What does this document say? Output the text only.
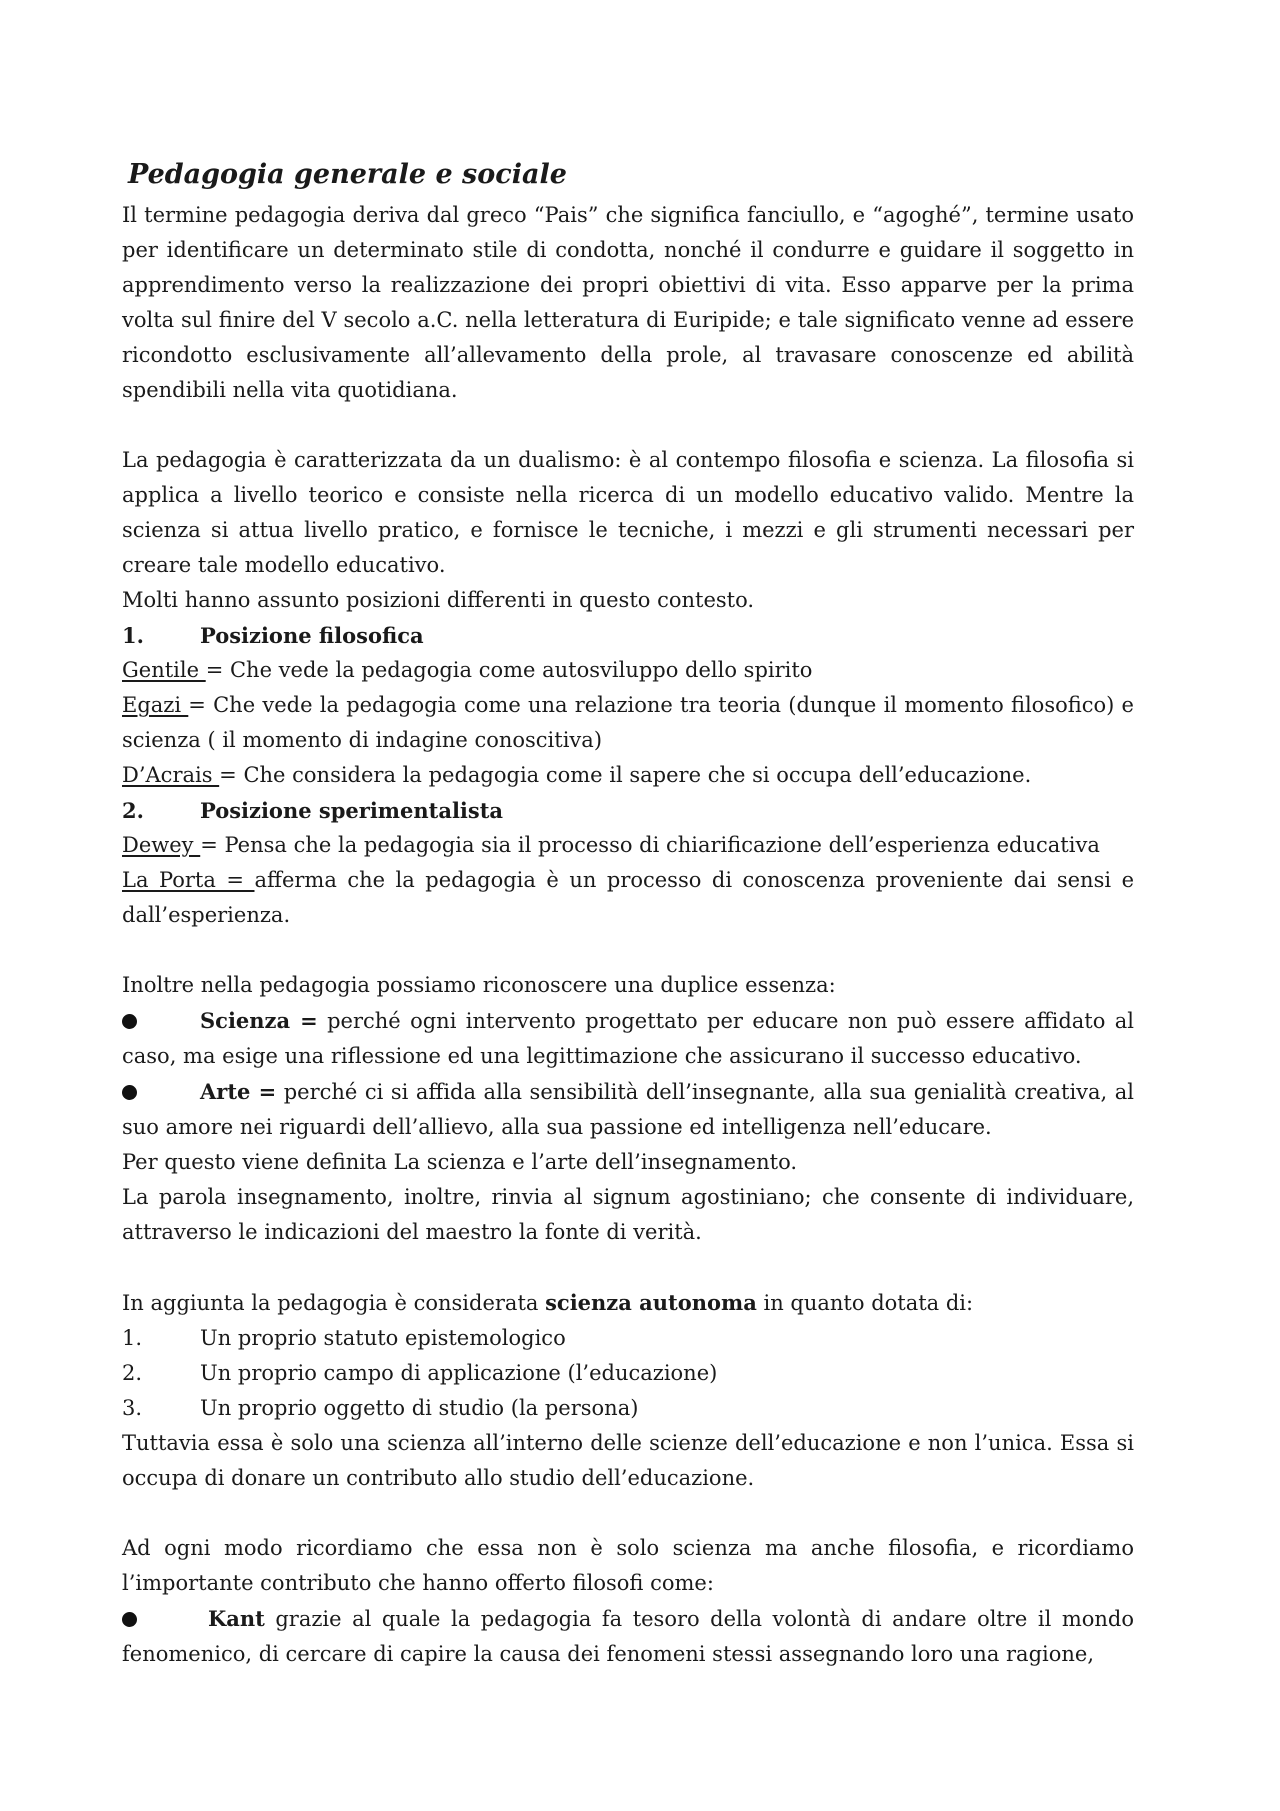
Pedagogia generale e sociale

Il termine pedagogia deriva dal greco “Pais” che significa fanciullo, e “agoghé”, termine usato per identificare un determinato stile di condotta, nonché il condurre e guidare il soggetto in apprendimento verso la realizzazione dei propri obiettivi di vita. Esso apparve per la prima volta sul finire del V secolo a.C. nella letteratura di Euripide; e tale significato venne ad essere ricondotto esclusivamente all’allevamento della prole, al travasare conoscenze ed abilità spendibili nella vita quotidiana.

La pedagogia è caratterizzata da un dualismo: è al contempo filosofia e scienza. La filosofia si applica a livello teorico e consiste nella ricerca di un modello educativo valido. Mentre la scienza si attua livello pratico, e fornisce le tecniche, i mezzi e gli strumenti necessari per creare tale modello educativo.

Molti hanno assunto posizioni differenti in questo contesto.

1.	Posizione filosofica

Gentile = Che vede la pedagogia come autosviluppo dello spirito

Egazi = Che vede la pedagogia come una relazione tra teoria (dunque il momento filosofico) e scienza ( il momento di indagine conoscitiva)

D’Acrais = Che considera la pedagogia come il sapere che si occupa dell’educazione.

2.	Posizione sperimentalista

Dewey = Pensa che la pedagogia sia il processo di chiarificazione dell’esperienza educativa

La Porta = afferma che la pedagogia è un processo di conoscenza proveniente dai sensi e dall’esperienza.

Inoltre nella pedagogia possiamo riconoscere una duplice essenza:

Scienza = perché ogni intervento progettato per educare non può essere affidato al caso, ma esige una riflessione ed una legittimazione che assicurano il successo educativo.

Arte = perché ci si affida alla sensibilità dell’insegnante, alla sua genialità creativa, al suo amore nei riguardi dell’allievo, alla sua passione ed intelligenza nell’educare.

Per questo viene definita La scienza e l’arte dell’insegnamento.

La parola insegnamento, inoltre, rinvia al signum agostiniano; che consente di individuare, attraverso le indicazioni del maestro la fonte di verità.

In aggiunta la pedagogia è considerata scienza autonoma in quanto dotata di:

1.	Un proprio statuto epistemologico
2.	Un proprio campo di applicazione (l’educazione)
3.	Un proprio oggetto di studio (la persona)

Tuttavia essa è solo una scienza all’interno delle scienze dell’educazione e non l’unica. Essa si occupa di donare un contributo allo studio dell’educazione.

Ad ogni modo ricordiamo che essa non è solo scienza ma anche filosofia, e ricordiamo l’importante contributo che hanno offerto filosofi come:

Kant grazie al quale la pedagogia fa tesoro della volontà di andare oltre il mondo fenomenico, di cercare di capire la causa dei fenomeni stessi assegnando loro una ragione,
